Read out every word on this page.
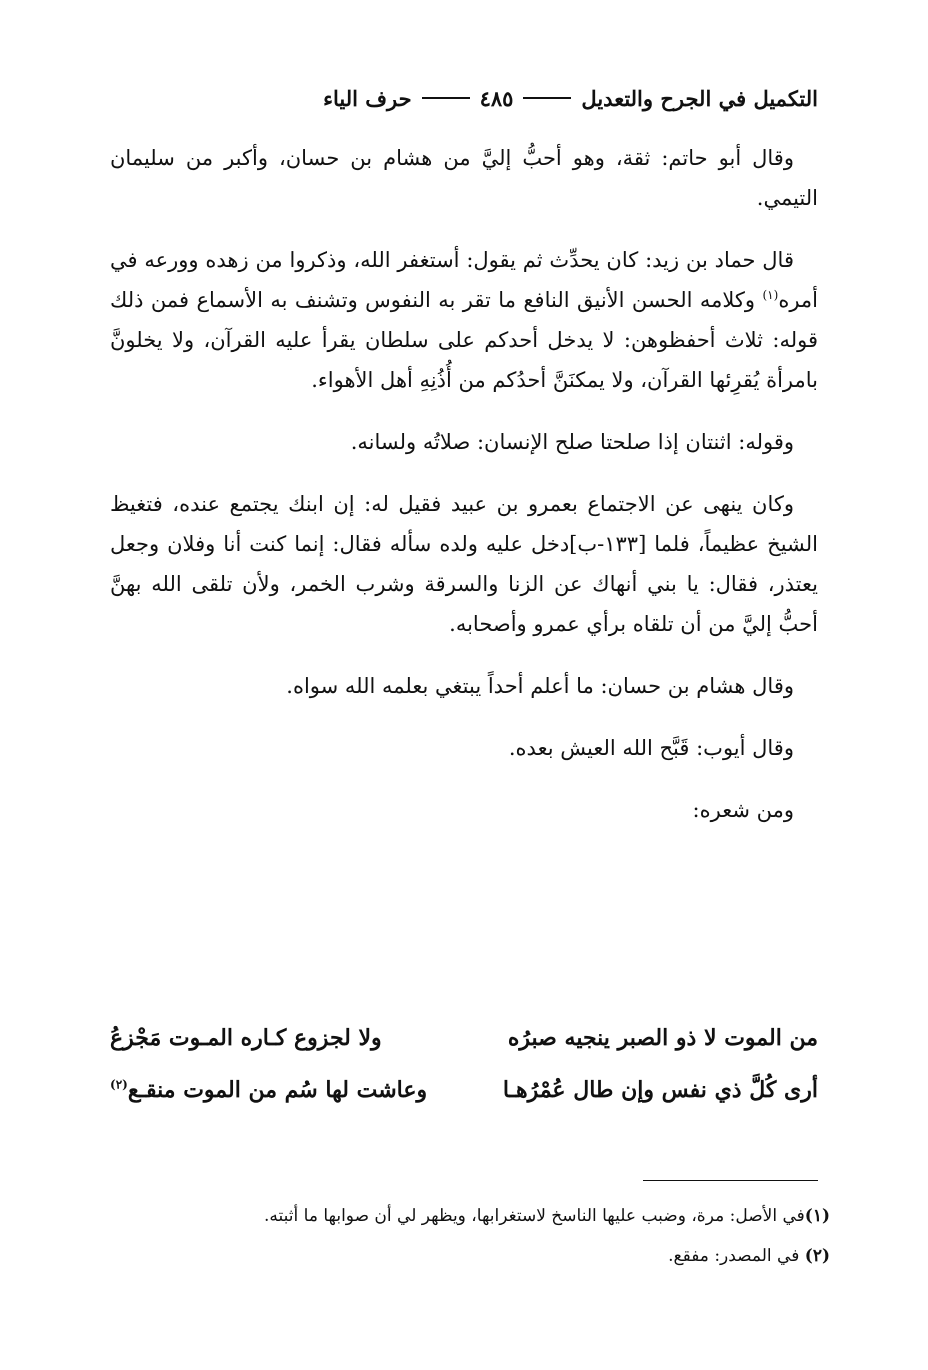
التكميل في الجرح والتعديل
٤٨٥
حرف الياء

وقال أبو حاتم: ثقة، وهو أحبُّ إليَّ من هشام بن حسان، وأكبر من سليمان التيمي.

قال حماد بن زيد: كان يحدِّث ثم يقول: أستغفر الله، وذكروا من زهده وورعه في أمره$^{(١)}$ وكلامه الحسن الأنيق النافع ما تقر به النفوس وتشنف به الأسماع فمن ذلك قوله: ثلاث أحفظوهن: لا يدخل أحدكم على سلطان يقرأ عليه القرآن، ولا يخلونَّ بامرأة يُقرِئها القرآن، ولا يمكنَنَّ أحدُكم من أُذُنِهِ أهل الأهواء.

وقوله: اثنتان إذا صلحتا صلح الإنسان: صلاتُه ولسانه.

وكان ينهى عن الاجتماع بعمرو بن عبيد فقيل له: إن ابنك يجتمع عنده، فتغيظ الشيخ عظيماً، فلما [١٣٣-ب]دخل عليه ولده سأله فقال: إنما كنت أنا وفلان وجعل يعتذر، فقال: يا بني أنهاك عن الزنا والسرقة وشرب الخمر، ولأن تلقى الله بهنَّ أحبُّ إليَّ من أن تلقاه برأي عمرو وأصحابه.

وقال هشام بن حسان: ما أعلم أحداً يبتغي بعلمه الله سواه.

وقال أيوب: قَبَّح الله العيش بعده.

ومن شعره:

من الموت لا ذو الصبر ينجيه صبرُه
ولا لجزوع كـاره المـوت مَجْزعُ
أرى كُلَّ ذي نفس وإن طال عُمْرُهـا
وعاشت لها سُم من الموت منقـع$^{(٢)}$
(١)في الأصل: مرة، وضبب عليها الناسخ لاستغرابها، ويظهر لي أن صوابها ما أثبته.
(٢) في المصدر: مفقع.
